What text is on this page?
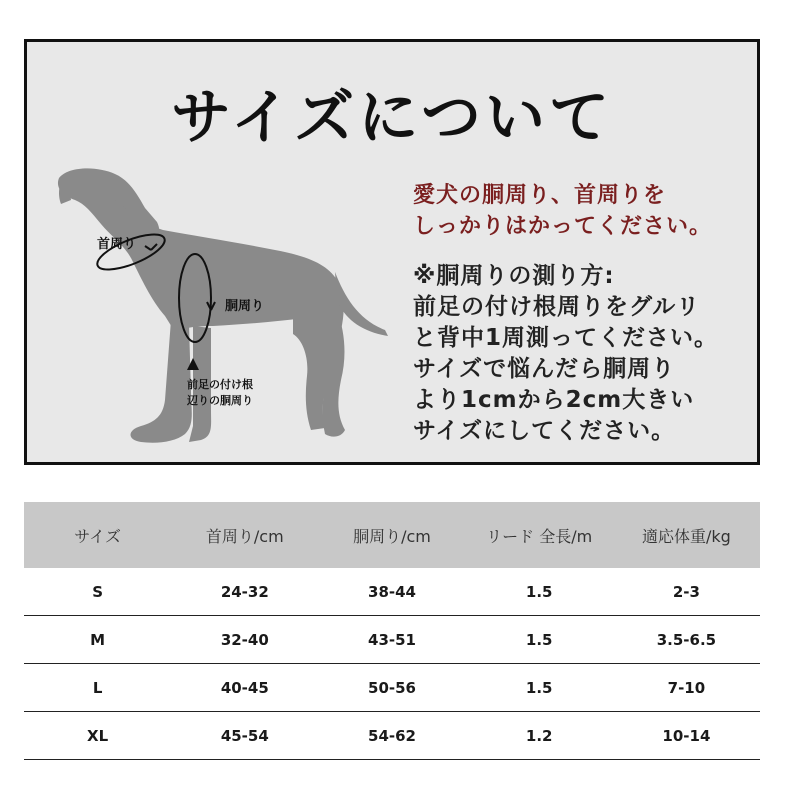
サイズについて
首周り
胴周り
前足の付け根
辺りの胴周り
愛犬の胴周り、首周りを
しっかりはかってください。
※胴周りの測り方:
前足の付け根周りをグルリ
と背中1周測ってください。
サイズで悩んだら胴周り
より1cmから2cm大きい
サイズにしてください。
サイズ	首周り/cm	胴周り/cm	リード 全長/m	適応体重/kg
S	24-32	38-44	1.5	2-3
M	32-40	43-51	1.5	3.5-6.5
L	40-45	50-56	1.5	7-10
XL	45-54	54-62	1.2	10-14
